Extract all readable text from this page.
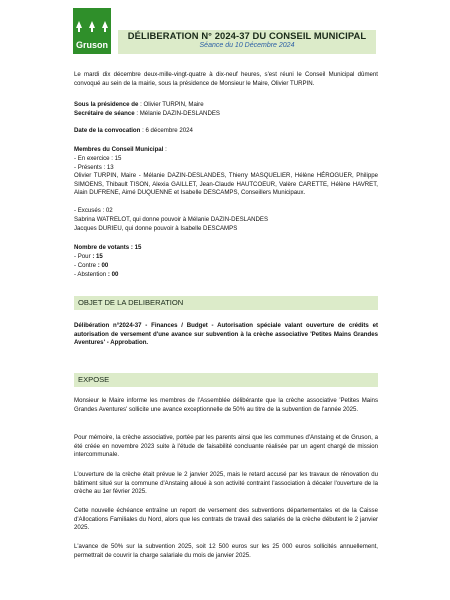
Gruson
DÉLIBERATION N° 2024-37 DU CONSEIL MUNICIPAL
Séance du 10 Décembre 2024
Le mardi dix décembre deux-mille-vingt-quatre à dix-neuf heures, s'est réuni le Conseil Municipal dûment convoqué au sein de la mairie, sous la présidence de Monsieur le Maire, Olivier TURPIN.
Sous la présidence de : Olivier TURPIN, Maire
Secrétaire de séance : Mélanie DAZIN-DESLANDES
Date de la convocation : 6 décembre 2024
Membres du Conseil Municipal :
- En exercice : 15
- Présents : 13
Olivier TURPIN, Maire - Mélanie DAZIN-DESLANDES, Thierry MASQUELIER, Hélène HÉROGUER, Philippe SIMOENS, Thibault TISON, Alexia GAILLET, Jean-Claude HAUTCOEUR, Valère CARETTE, Hélène HAVRET, Alain DUFRENE, Aimé DUQUENNE et Isabelle DESCAMPS, Conseillers Municipaux.
- Excusés : 02
Sabrina WATRELOT, qui donne pouvoir à Mélanie DAZIN-DESLANDES
Jacques DURIEU, qui donne pouvoir à Isabelle DESCAMPS
Nombre de votants : 15
- Pour : 15
- Contre : 00
- Abstention : 00
OBJET DE LA DELIBERATION
Délibération n°2024-37 - Finances / Budget - Autorisation spéciale valant ouverture de crédits et autorisation de versement d'une avance sur subvention à la crèche associative 'Petites Mains Grandes Aventures' - Approbation.
EXPOSE
Monsieur le Maire informe les membres de l'Assemblée délibérante que la crèche associative 'Petites Mains Grandes Aventures' sollicite une avance exceptionnelle de 50% au titre de la subvention de l'année 2025.
Pour mémoire, la crèche associative, portée par les parents ainsi que les communes d'Anstaing et de Gruson, a été créée en novembre 2023 suite à l'étude de faisabilité concluante réalisée par un agent chargé de mission intercommunale.
L'ouverture de la crèche était prévue le 2 janvier 2025, mais le retard accusé par les travaux de rénovation du bâtiment situé sur la commune d'Anstaing alloué à son activité contraint l'association à décaler l'ouverture de la crèche au 1er février 2025.
Cette nouvelle échéance entraîne un report de versement des subventions départementales et de la Caisse d'Allocations Familiales du Nord, alors que les contrats de travail des salariés de la crèche débutent le 2 janvier 2025.
L'avance de 50% sur la subvention 2025, soit 12 500 euros sur les 25 000 euros sollicités annuellement, permettrait de couvrir la charge salariale du mois de janvier 2025.
